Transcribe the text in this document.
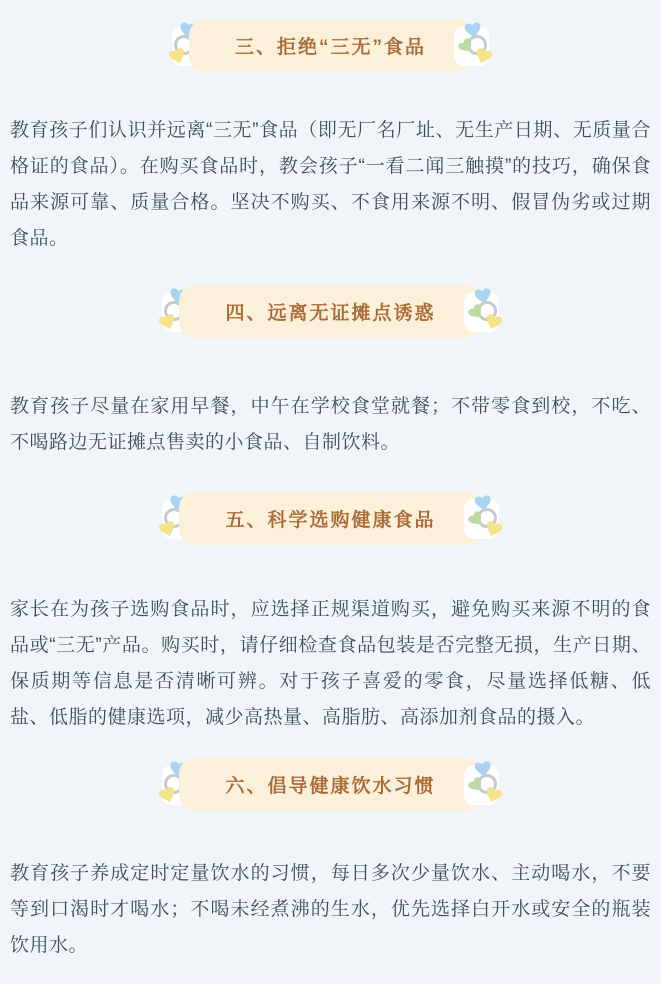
三、拒绝“三无”食品

教育孩子们认识并远离“三无”食品（即无厂名厂址、无生产日期、无质量合格证的食品）。在购买食品时，教会孩子“一看二闻三触摸”的技巧，确保食品来源可靠、质量合格。坚决不购买、不食用来源不明、假冒伪劣或过期食品。

四、远离无证摊点诱惑

教育孩子尽量在家用早餐，中午在学校食堂就餐；不带零食到校，不吃、不喝路边无证摊点售卖的小食品、自制饮料。

五、科学选购健康食品

家长在为孩子选购食品时，应选择正规渠道购买，避免购买来源不明的食品或“三无”产品。购买时，请仔细检查食品包装是否完整无损，生产日期、保质期等信息是否清晰可辨。对于孩子喜爱的零食，尽量选择低糖、低盐、低脂的健康选项，减少高热量、高脂肪、高添加剂食品的摄入。

六、倡导健康饮水习惯

教育孩子养成定时定量饮水的习惯，每日多次少量饮水、主动喝水，不要等到口渴时才喝水；不喝未经煮沸的生水，优先选择白开水或安全的瓶装饮用水。
